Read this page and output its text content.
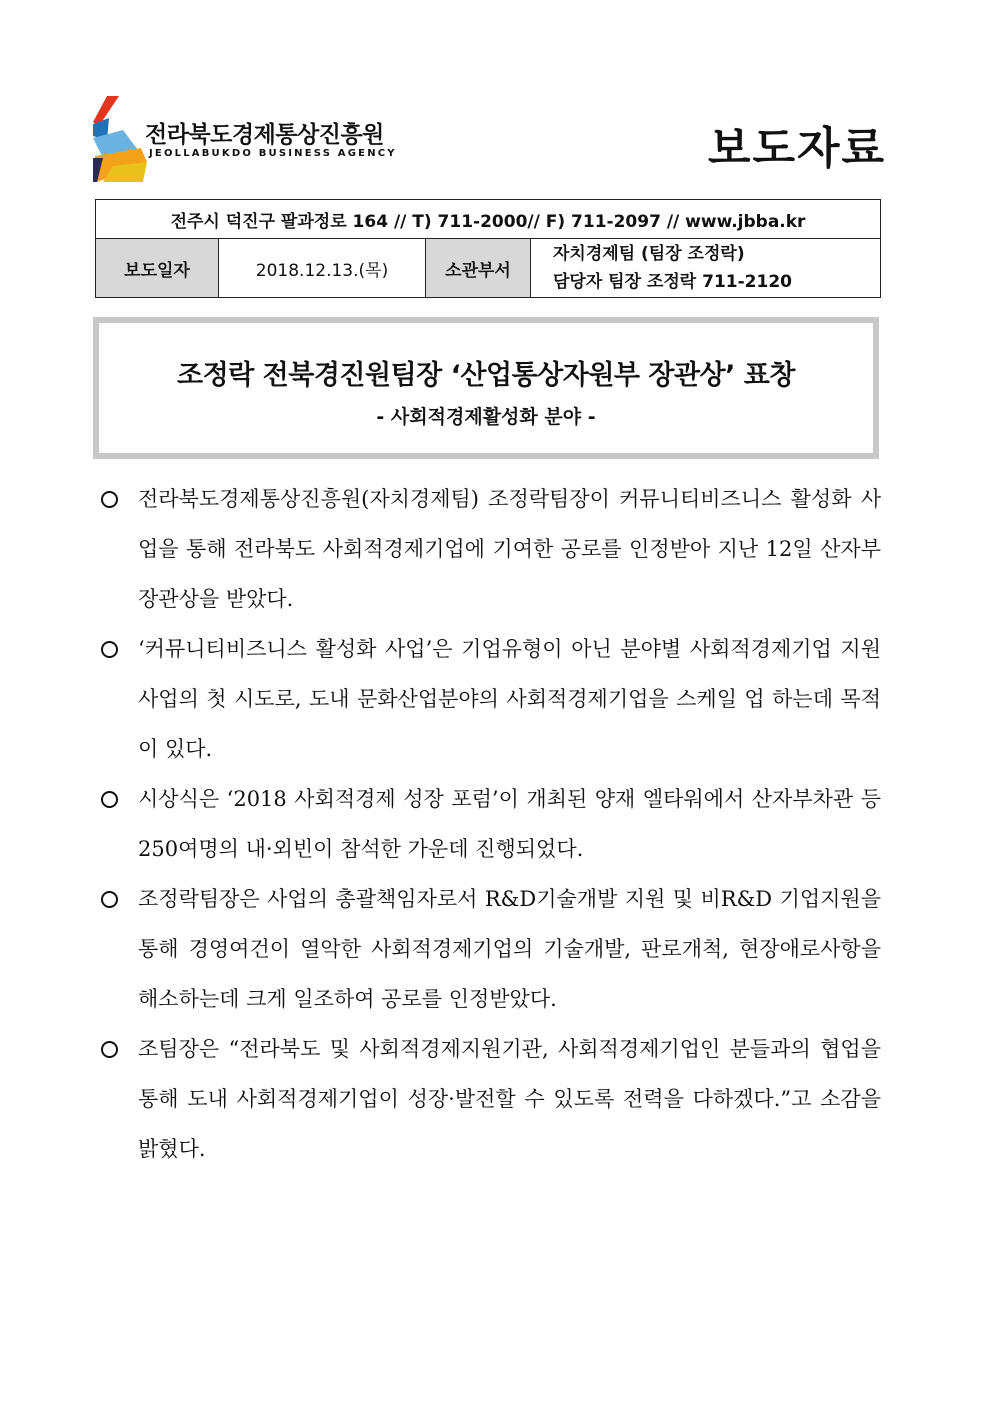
전라북도경제통상진흥원
JEOLLABUKDO BUSINESS AGENCY	보도자료
전주시 덕진구 팔과정로 164 // T) 711-2000// F) 711-2097 // www.jbba.kr
보도일자	2018.12.13.(목)	소관부서	
자치경제팀 (팀장 조정락)
담당자 팀장 조정락 711-2120
조정락 전북경진원팀장 ‘산업통상자원부 장관상’ 표창
- 사회적경제활성화 분야 -
전라북도경제통상진흥원(자치경제팀) 조정락팀장이 커뮤니티비즈니스 활성화 사업을 통해 전라북도 사회적경제기업에 기여한 공로를 인정받아 지난 12일 산자부 장관상을 받았다.
‘커뮤니티비즈니스 활성화 사업’은 기업유형이 아닌 분야별 사회적경제기업 지원사업의 첫 시도로, 도내 문화산업분야의 사회적경제기업을 스케일 업 하는데 목적이 있다.
시상식은 ‘2018 사회적경제 성장 포럼’이 개최된 양재 엘타워에서 산자부차관 등 250여명의 내·외빈이 참석한 가운데 진행되었다.
조정락팀장은 사업의 총괄책임자로서 R&D기술개발 지원 및 비R&D 기업지원을 통해 경영여건이 열악한 사회적경제기업의 기술개발, 판로개척, 현장애로사항을 해소하는데 크게 일조하여 공로를 인정받았다.
조팀장은 “전라북도 및 사회적경제지원기관, 사회적경제기업인 분들과의 협업을 통해 도내 사회적경제기업이 성장·발전할 수 있도록 전력을 다하겠다.”고 소감을 밝혔다.
